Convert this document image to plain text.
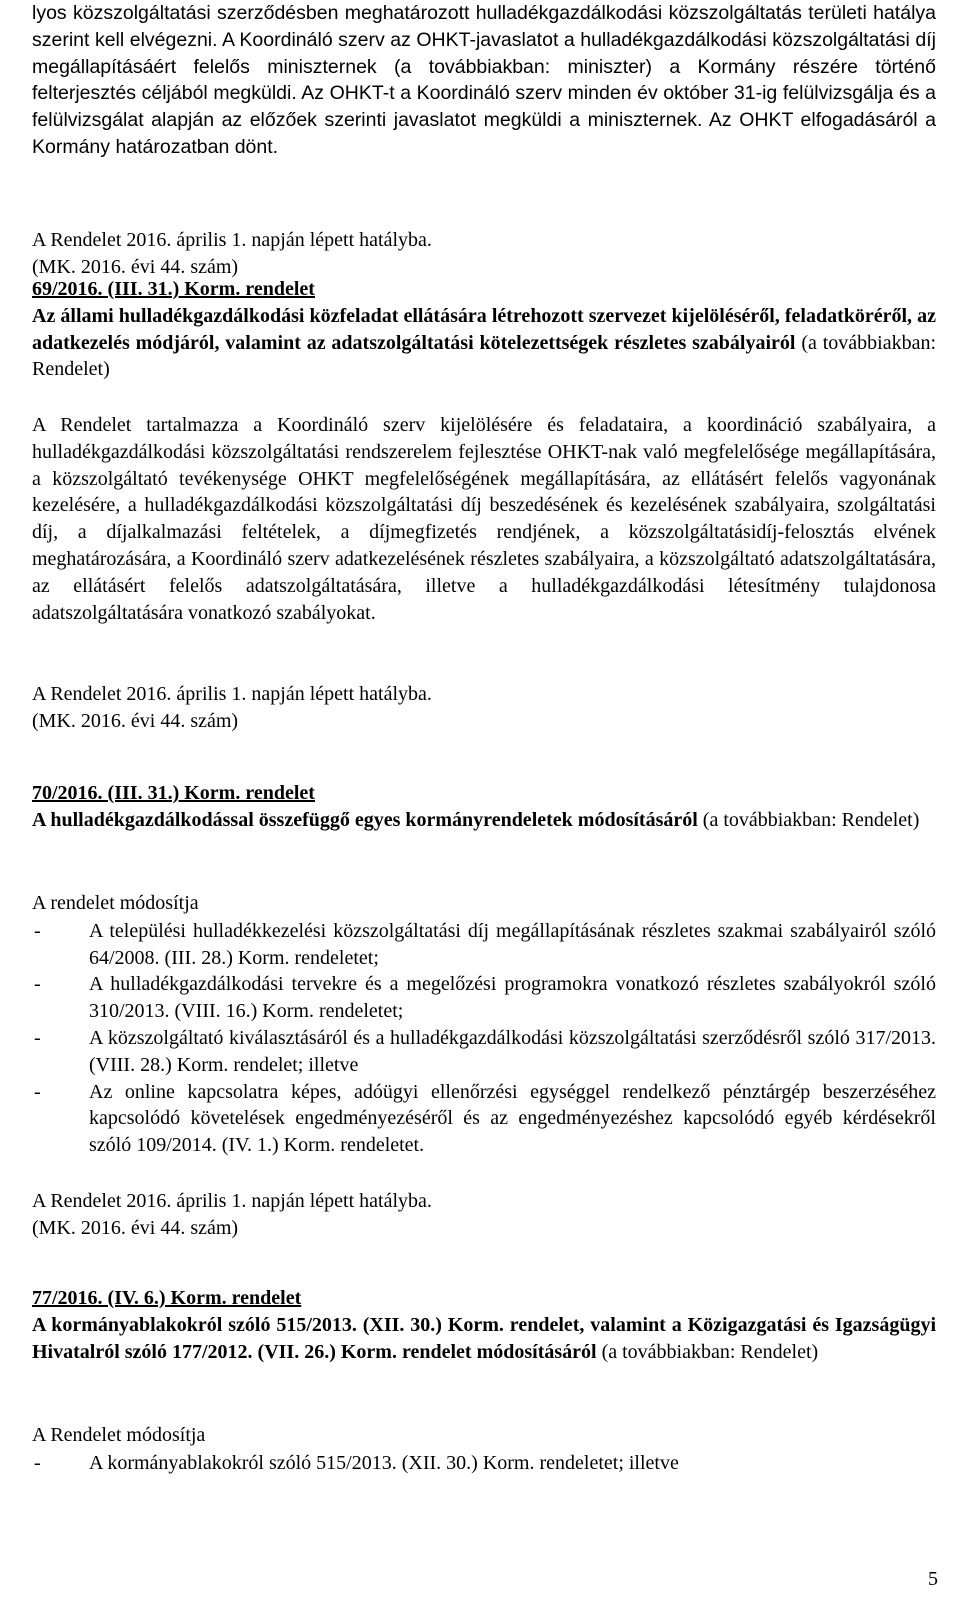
lyos közszolgáltatási szerződésben meghatározott hulladékgazdálkodási közszolgáltatás területi hatálya szerint kell elvégezni. A Koordináló szerv az OHKT-javaslatot a hulladékgazdálkodási közszolgáltatási díj megállapításáért felelős miniszternek (a továbbiakban: miniszter) a Kormány részére történő felterjesztés céljából megküldi. Az OHKT-t a Koordináló szerv minden év október 31-ig felülvizsgálja és a felülvizsgálat alapján az előzőek szerinti javaslatot megküldi a miniszternek. Az OHKT elfogadásáról a Kormány határozatban dönt.

A Rendelet 2016. április 1. napján lépett hatályba.
(MK. 2016. évi 44. szám)
69/2016. (III. 31.) Korm. rendelet

Az állami hulladékgazdálkodási közfeladat ellátására létrehozott szervezet kijelöléséről, feladatköréről, az adatkezelés módjáról, valamint az adatszolgáltatási kötelezettségek részletes szabályairól (a továbbiakban: Rendelet)

A Rendelet tartalmazza a Koordináló szerv kijelölésére és feladataira, a koordináció szabályaira, a hulladékgazdálkodási közszolgáltatási rendszerelem fejlesztése OHKT-nak való megfelelősége megállapítására, a közszolgáltató tevékenysége OHKT megfelelőségének megállapítására, az ellátásért felelős vagyonának kezelésére, a hulladékgazdálkodási közszolgáltatási díj beszedésének és kezelésének szabályaira, szolgáltatási díj, a díjalkalmazási feltételek, a díjmegfizetés rendjének, a közszolgáltatásidíj-felosztás elvének meghatározására, a Koordináló szerv adatkezelésének részletes szabályaira, a közszolgáltató adatszolgáltatására, az ellátásért felelős adatszolgáltatására, illetve a hulladékgazdálkodási létesítmény tulajdonosa adatszolgáltatására vonatkozó szabályokat.

A Rendelet 2016. április 1. napján lépett hatályba.
(MK. 2016. évi 44. szám)
70/2016. (III. 31.) Korm. rendelet

A hulladékgazdálkodással összefüggő egyes kormányrendeletek módosításáról (a továbbiakban: Rendelet)

A rendelet módosítja
- A települési hulladékkezelési közszolgáltatási díj megállapításának részletes szakmai szabályairól szóló 64/2008. (III. 28.) Korm. rendeletet;
- A hulladékgazdálkodási tervekre és a megelőzési programokra vonatkozó részletes szabályokról szóló 310/2013. (VIII. 16.) Korm. rendeletet;
- A közszolgáltató kiválasztásáról és a hulladékgazdálkodási közszolgáltatási szerződésről szóló 317/2013. (VIII. 28.) Korm. rendelet; illetve
- Az online kapcsolatra képes, adóügyi ellenőrzési egységgel rendelkező pénztárgép beszerzéséhez kapcsolódó követelések engedményezéséről és az engedményezéshez kapcsolódó egyéb kérdésekről szóló 109/2014. (IV. 1.) Korm. rendeletet.
A Rendelet 2016. április 1. napján lépett hatályba.
(MK. 2016. évi 44. szám)
77/2016. (IV. 6.) Korm. rendelet

A kormányablakokról szóló 515/2013. (XII. 30.) Korm. rendelet, valamint a Közigazgatási és Igazságügyi Hivatalról szóló 177/2012. (VII. 26.) Korm. rendelet módosításáról (a továbbiakban: Rendelet)

A Rendelet módosítja
- A kormányablakokról szóló 515/2013. (XII. 30.) Korm. rendeletet; illetve
5
